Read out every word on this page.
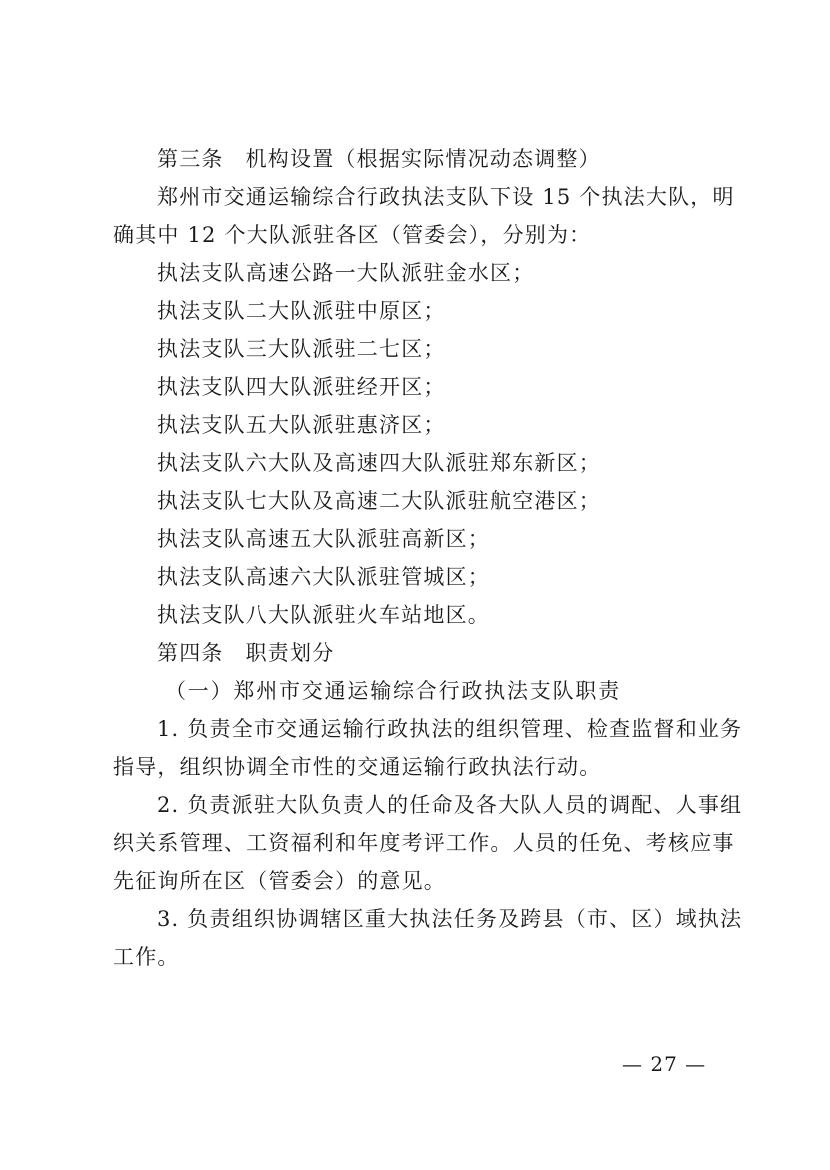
第三条 机构设置（根据实际情况动态调整）
郑州市交通运输综合行政执法支队下设 15 个执法大队，明
确其中 12 个大队派驻各区（管委会），分别为：
执法支队高速公路一大队派驻金水区；
执法支队二大队派驻中原区；
执法支队三大队派驻二七区；
执法支队四大队派驻经开区；
执法支队五大队派驻惠济区；
执法支队六大队及高速四大队派驻郑东新区；
执法支队七大队及高速二大队派驻航空港区；
执法支队高速五大队派驻高新区；
执法支队高速六大队派驻管城区；
执法支队八大队派驻火车站地区。
第四条 职责划分
（一）郑州市交通运输综合行政执法支队职责
1. 负责全市交通运输行政执法的组织管理、检查监督和业务
指导，组织协调全市性的交通运输行政执法行动。
2. 负责派驻大队负责人的任命及各大队人员的调配、人事组
织关系管理、工资福利和年度考评工作。人员的任免、考核应事
先征询所在区（管委会）的意见。
3. 负责组织协调辖区重大执法任务及跨县（市、区）域执法
工作。
— 27 —
